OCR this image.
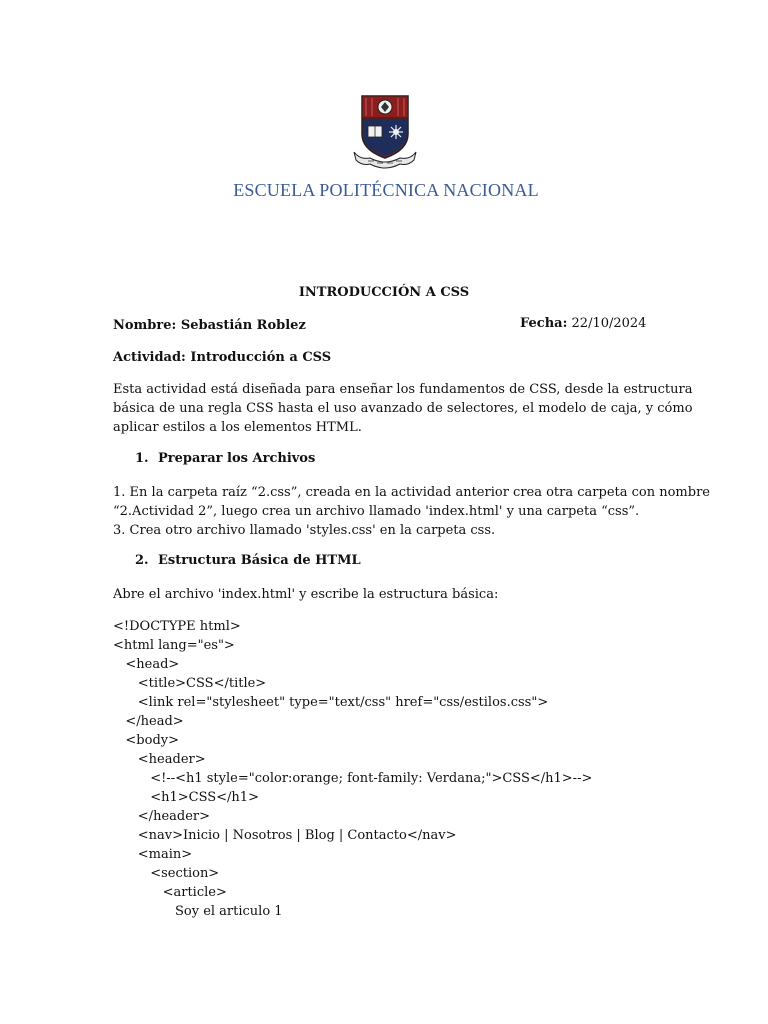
ESCUELA POLITÉCNICA NACIONAL
INTRODUCCIÓN A CSS
Nombre: Sebastián Roblez	Fecha: 22/10/2024
Actividad: Introducción a CSS
Esta actividad está diseñada para enseñar los fundamentos de CSS, desde la estructura
básica de una regla CSS hasta el uso avanzado de selectores, el modelo de caja, y cómo
aplicar estilos a los elementos HTML.
1. Preparar los Archivos
1. En la carpeta raíz “2.css”, creada en la actividad anterior crea otra carpeta con nombre
“2.Actividad 2”, luego crea un archivo llamado 'index.html' y una carpeta “css”.
3. Crea otro archivo llamado 'styles.css' en la carpeta css.
2. Estructura Básica de HTML
Abre el archivo 'index.html' y escribe la estructura básica:
<!DOCTYPE html>
<html lang="es">
<head>
<title>CSS</title>
<link rel="stylesheet" type="text/css" href="css/estilos.css">
</head>
<body>
<header>
<!--<h1 style="color:orange; font-family: Verdana;">CSS</h1>-->
<h1>CSS</h1>
</header>
<nav>Inicio | Nosotros | Blog | Contacto</nav>
<main>
<section>
<article>
Soy el articulo 1
